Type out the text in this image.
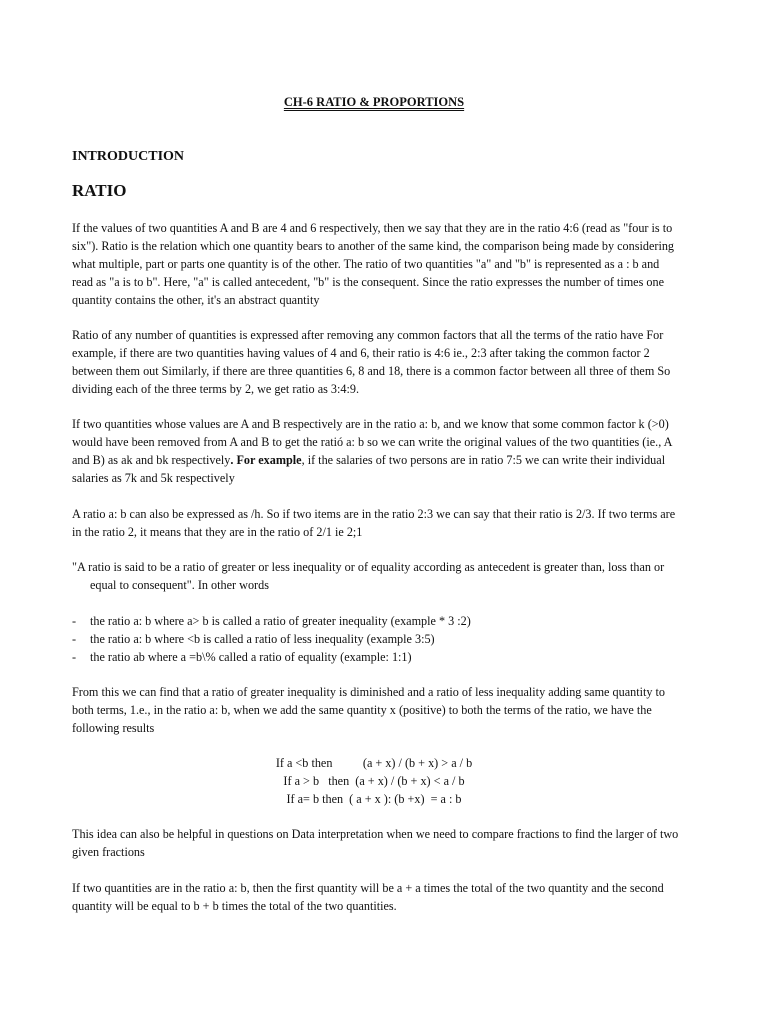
CH-6 RATIO & PROPORTIONS
INTRODUCTION
RATIO

If the values of two quantities A and B are 4 and 6 respectively, then we say that they are in the ratio 4:6 (read as "four is to six"). Ratio is the relation which one quantity bears to another of the same kind, the comparison being made by considering what multiple, part or parts one quantity is of the other. The ratio of two quantities "a" and "b" is represented as a : b and read as "a is to b". Here, "a" is called antecedent, "b" is the consequent. Since the ratio expresses the number of times one quantity contains the other, it's an abstract quantity

Ratio of any number of quantities is expressed after removing any common factors that all the terms of the ratio have For example, if there are two quantities having values of 4 and 6, their ratio is 4:6 ie., 2:3 after taking the common factor 2 between them out Similarly, if there are three quantities 6, 8 and 18, there is a common factor between all three of them So dividing each of the three terms by 2, we get ratio as 3:4:9.

If two quantities whose values are A and B respectively are in the ratio a: b, and we know that some common factor k (>0) would have been removed from A and B to get the ratió a: b so we can write the original values of the two quantities (ie., A and B) as ak and bk respectively. For example, if the salaries of two persons are in ratio 7:5 we can write their individual salaries as 7k and 5k respectively

A ratio a: b can also be expressed as /h. So if two items are in the ratio 2:3 we can say that their ratio is 2/3. If two terms are in the ratio 2, it means that they are in the ratio of 2/1 ie 2;1

"A ratio is said to be a ratio of greater or less inequality or of equality according as antecedent is greater than, loss than or equal to consequent". In other words

- the ratio a: b where a> b is called a ratio of greater inequality (example * 3 :2)
- the ratio a: b where <b is called a ratio of less inequality (example 3:5)
- the ratio ab where a =b\% called a ratio of equality (example: 1:1)

From this we can find that a ratio of greater inequality is diminished and a ratio of less inequality adding same quantity to both terms, 1.e., in the ratio a: b, when we add the same quantity x (positive) to both the terms of the ratio, we have the following results

If a <b then          (a + x) / (b + x) > a / b
If a > b   then  (a + x) / (b + x) < a / b
If a= b then  ( a + x ): (b +x)  = a : b

This idea can also be helpful in questions on Data interpretation when we need to compare fractions to find the larger of two given fractions

If two quantities are in the ratio a: b, then the first quantity will be a + a times the total of the two quantity and the second quantity will be equal to b + b times the total of the two quantities.
